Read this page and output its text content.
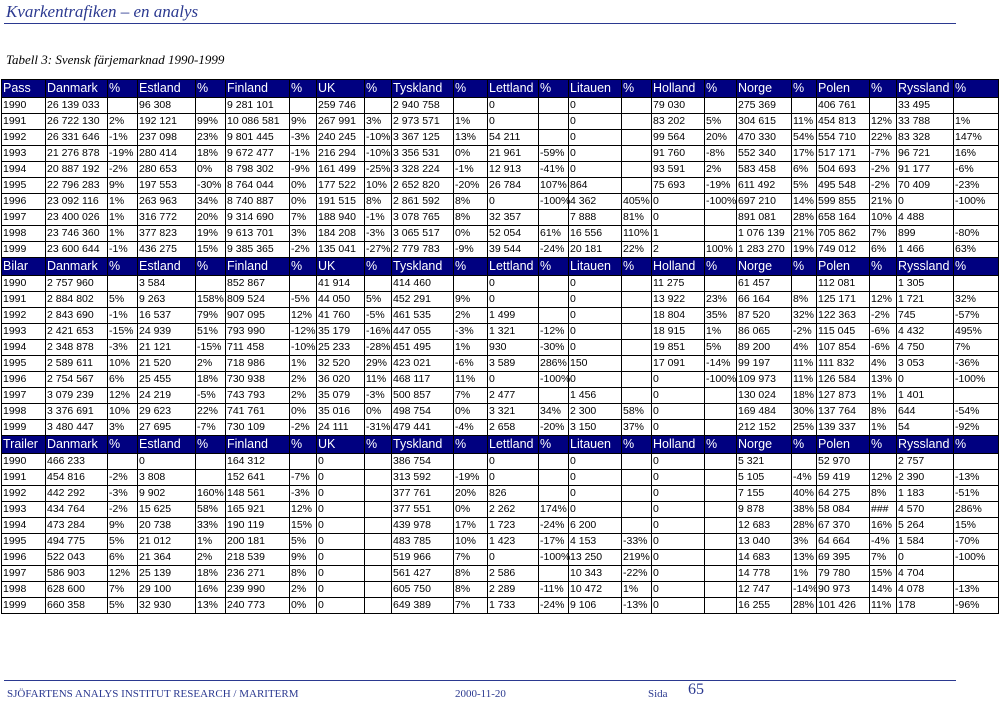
Kvarkentrafiken – en analys
Tabell 3: Svensk färjemarknad 1990-1999
Pass	Danmark	%	Estland	%	Finland	%	UK	%	Tyskland	%	Lettland	%	Litauen	%	Holland	%	Norge	%	Polen	%	Ryssland	%
1990	26 139 033		96 308		9 281 101		259 746		2 940 758		0		0		79 030		275 369		406 761		33 495	
1991	26 722 130	2%	192 121	99%	10 086 581	9%	267 991	3%	2 973 571	1%	0		0		83 202	5%	304 615	11%	454 813	12%	33 788	1%
1992	26 331 646	-1%	237 098	23%	9 801 445	-3%	240 245	-10%	3 367 125	13%	54 211		0		99 564	20%	470 330	54%	554 710	22%	83 328	147%
1993	21 276 878	-19%	280 414	18%	9 672 477	-1%	216 294	-10%	3 356 531	0%	21 961	-59%	0		91 760	-8%	552 340	17%	517 171	-7%	96 721	16%
1994	20 887 192	-2%	280 653	0%	8 798 302	-9%	161 499	-25%	3 328 224	-1%	12 913	-41%	0		93 591	2%	583 458	6%	504 693	-2%	91 177	-6%
1995	22 796 283	9%	197 553	-30%	8 764 044	0%	177 522	10%	2 652 820	-20%	26 784	107%	864		75 693	-19%	611 492	5%	495 548	-2%	70 409	-23%
1996	23 092 116	1%	263 963	34%	8 740 887	0%	191 515	8%	2 861 592	8%	0	-100%	4 362	405%	0	-100%	697 210	14%	599 855	21%	0	-100%
1997	23 400 026	1%	316 772	20%	9 314 690	7%	188 940	-1%	3 078 765	8%	32 357		7 888	81%	0		891 081	28%	658 164	10%	4 488	
1998	23 746 360	1%	377 823	19%	9 613 701	3%	184 208	-3%	3 065 517	0%	52 054	61%	16 556	110%	1		1 076 139	21%	705 862	7%	899	-80%
1999	23 600 644	-1%	436 275	15%	9 385 365	-2%	135 041	-27%	2 779 783	-9%	39 544	-24%	20 181	22%	2	100%	1 283 270	19%	749 012	6%	1 466	63%
Bilar	Danmark	%	Estland	%	Finland	%	UK	%	Tyskland	%	Lettland	%	Litauen	%	Holland	%	Norge	%	Polen	%	Ryssland	%
1990	2 757 960		3 584		852 867		41 914		414 460		0		0		11 275		61 457		112 081		1 305	
1991	2 884 802	5%	9 263	158%	809 524	-5%	44 050	5%	452 291	9%	0		0		13 922	23%	66 164	8%	125 171	12%	1 721	32%
1992	2 843 690	-1%	16 537	79%	907 095	12%	41 760	-5%	461 535	2%	1 499		0		18 804	35%	87 520	32%	122 363	-2%	745	-57%
1993	2 421 653	-15%	24 939	51%	793 990	-12%	35 179	-16%	447 055	-3%	1 321	-12%	0		18 915	1%	86 065	-2%	115 045	-6%	4 432	495%
1994	2 348 878	-3%	21 121	-15%	711 458	-10%	25 233	-28%	451 495	1%	930	-30%	0		19 851	5%	89 200	4%	107 854	-6%	4 750	7%
1995	2 589 611	10%	21 520	2%	718 986	1%	32 520	29%	423 021	-6%	3 589	286%	150		17 091	-14%	99 197	11%	111 832	4%	3 053	-36%
1996	2 754 567	6%	25 455	18%	730 938	2%	36 020	11%	468 117	11%	0	-100%	0		0	-100%	109 973	11%	126 584	13%	0	-100%
1997	3 079 239	12%	24 219	-5%	743 793	2%	35 079	-3%	500 857	7%	2 477		1 456		0		130 024	18%	127 873	1%	1 401	
1998	3 376 691	10%	29 623	22%	741 761	0%	35 016	0%	498 754	0%	3 321	34%	2 300	58%	0		169 484	30%	137 764	8%	644	-54%
1999	3 480 447	3%	27 695	-7%	730 109	-2%	24 111	-31%	479 441	-4%	2 658	-20%	3 150	37%	0		212 152	25%	139 337	1%	54	-92%
Trailer	Danmark	%	Estland	%	Finland	%	UK	%	Tyskland	%	Lettland	%	Litauen	%	Holland	%	Norge	%	Polen	%	Ryssland	%
1990	466 233		0		164 312		0		386 754		0		0		0		5 321		52 970		2 757	
1991	454 816	-2%	3 808		152 641	-7%	0		313 592	-19%	0		0		0		5 105	-4%	59 419	12%	2 390	-13%
1992	442 292	-3%	9 902	160%	148 561	-3%	0		377 761	20%	826		0		0		7 155	40%	64 275	8%	1 183	-51%
1993	434 764	-2%	15 625	58%	165 921	12%	0		377 551	0%	2 262	174%	0		0		9 878	38%	58 084	###	4 570	286%
1994	473 284	9%	20 738	33%	190 119	15%	0		439 978	17%	1 723	-24%	6 200		0		12 683	28%	67 370	16%	5 264	15%
1995	494 775	5%	21 012	1%	200 181	5%	0		483 785	10%	1 423	-17%	4 153	-33%	0		13 040	3%	64 664	-4%	1 584	-70%
1996	522 043	6%	21 364	2%	218 539	9%	0		519 966	7%	0	-100%	13 250	219%	0		14 683	13%	69 395	7%	0	-100%
1997	586 903	12%	25 139	18%	236 271	8%	0		561 427	8%	2 586		10 343	-22%	0		14 778	1%	79 780	15%	4 704	
1998	628 600	7%	29 100	16%	239 990	2%	0		605 750	8%	2 289	-11%	10 472	1%	0		12 747	-14%	90 973	14%	4 078	-13%
1999	660 358	5%	32 930	13%	240 773	0%	0		649 389	7%	1 733	-24%	9 106	-13%	0		16 255	28%	101 426	11%	178	-96%
SJÖFARTENS ANALYS INSTITUT RESEARCH / MARITERM	2000-11-20	Sida 65
